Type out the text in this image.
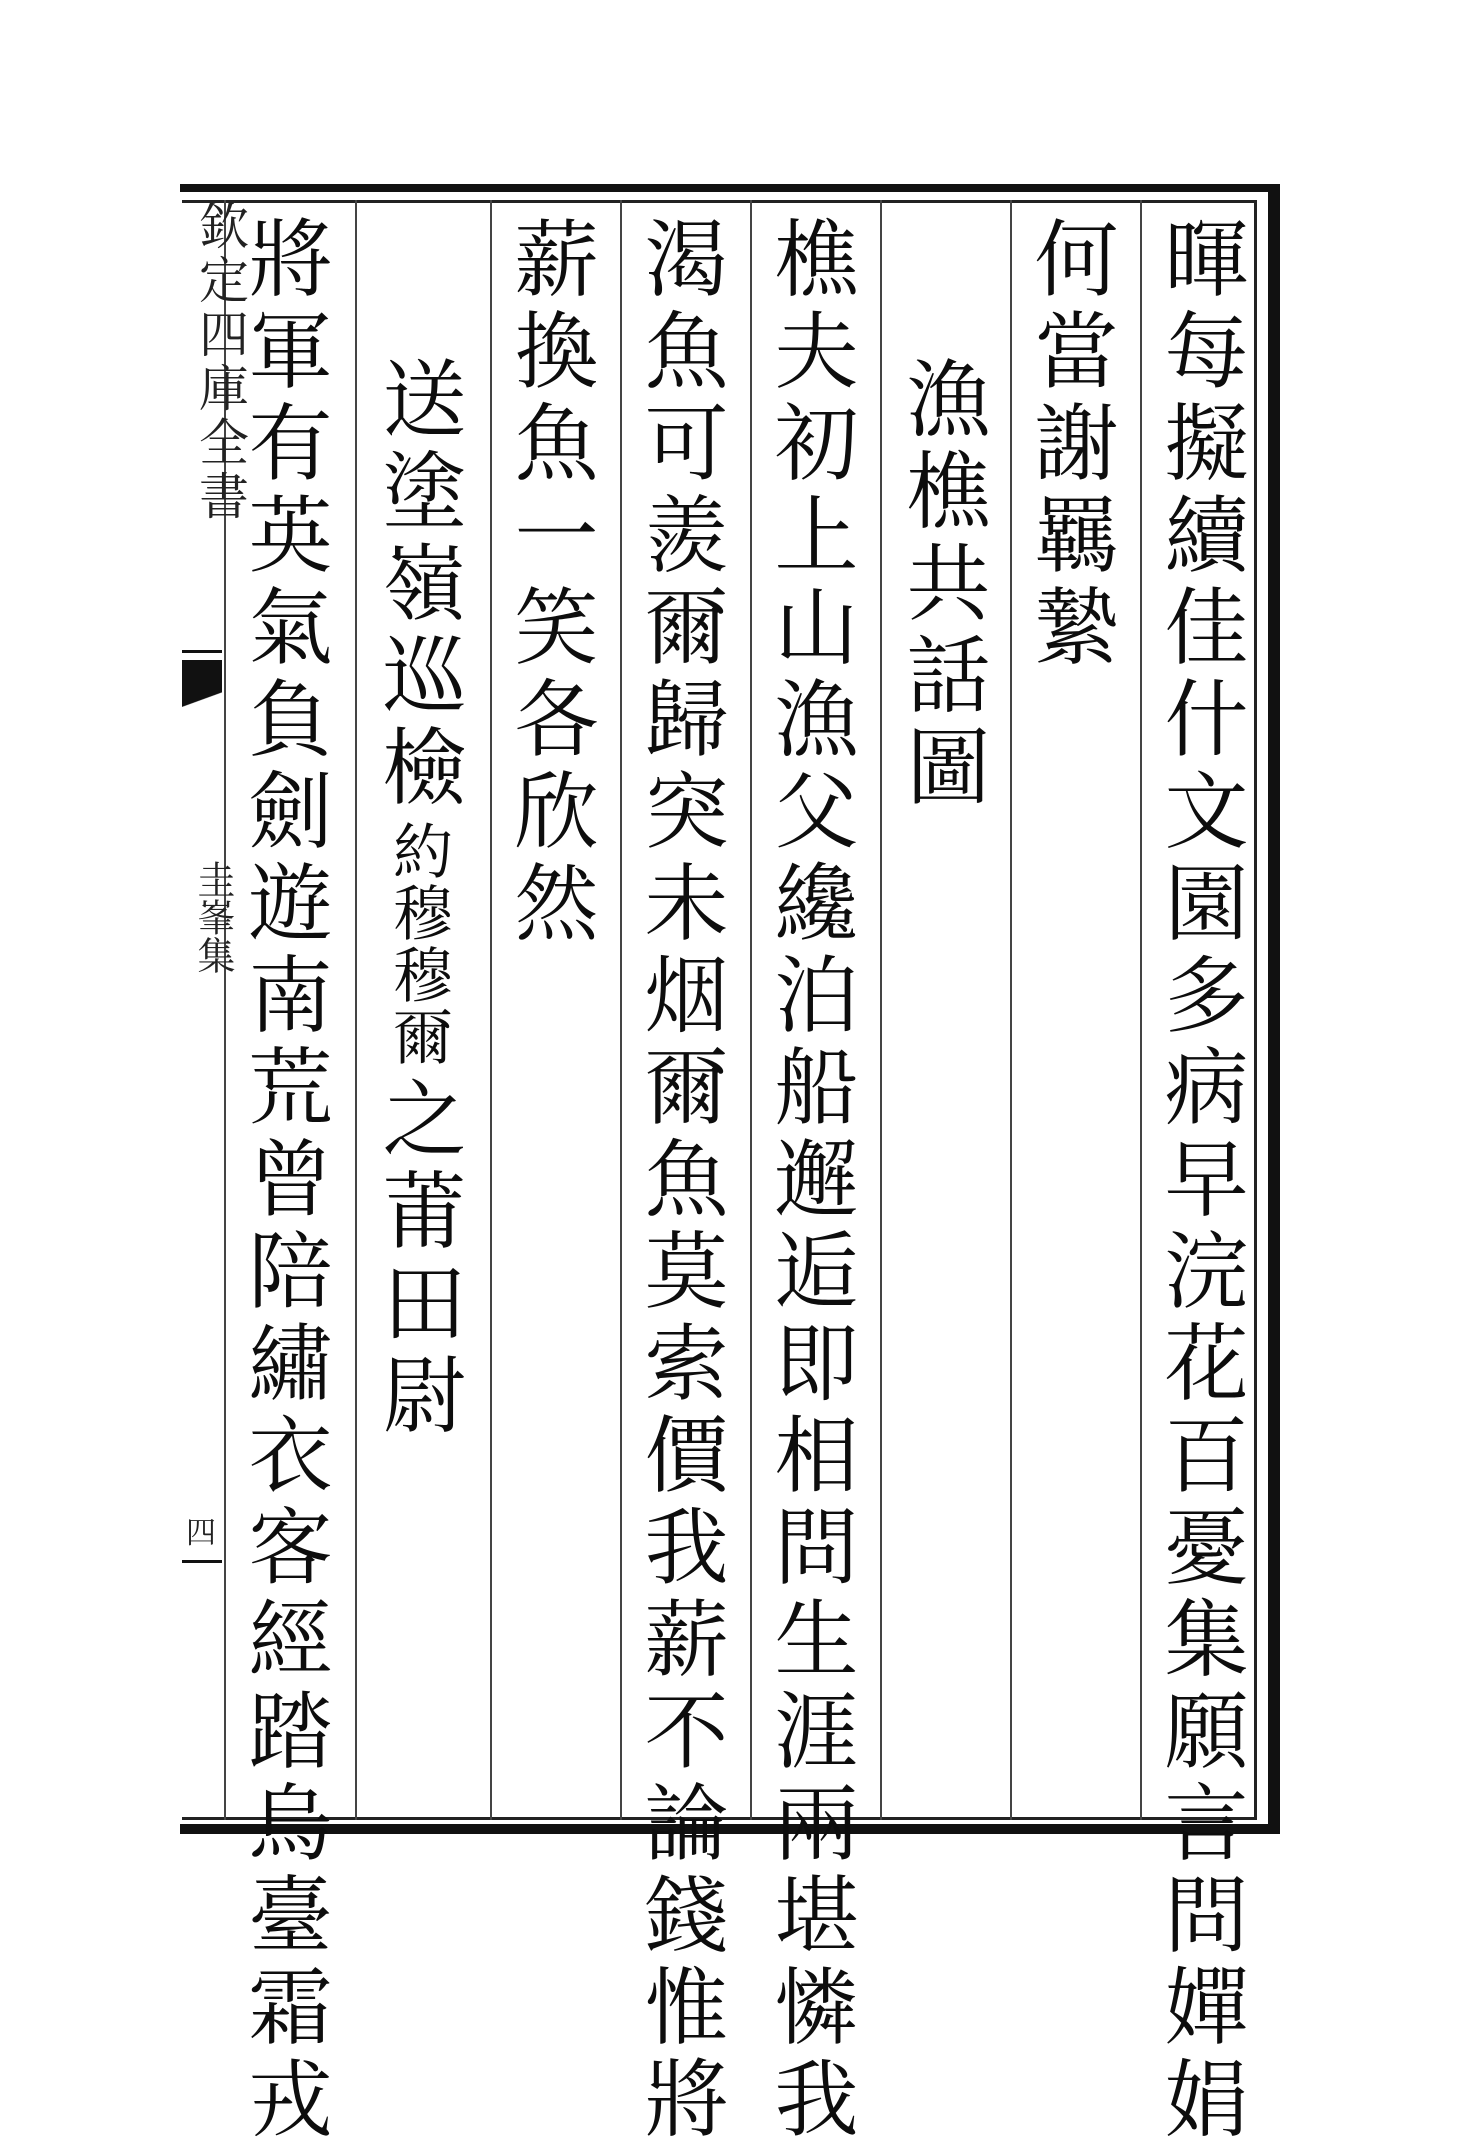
欽定四庫全書
圭峯集
四	暉每擬續佳什文園多病早浣花百憂集願言問嬋娟
何當謝羈縶
漁樵共話圖
樵夫初上山漁父纔泊船邂逅即相問生涯兩堪憐我
渴魚可羨爾歸突未烟爾魚莫索價我薪不論錢惟將
薪換魚一笑各欣然
送塗嶺巡檢
約穆穆爾
之莆田尉
將軍有英氣負劍遊南荒曾陪繡衣客經踏烏臺霜戎
